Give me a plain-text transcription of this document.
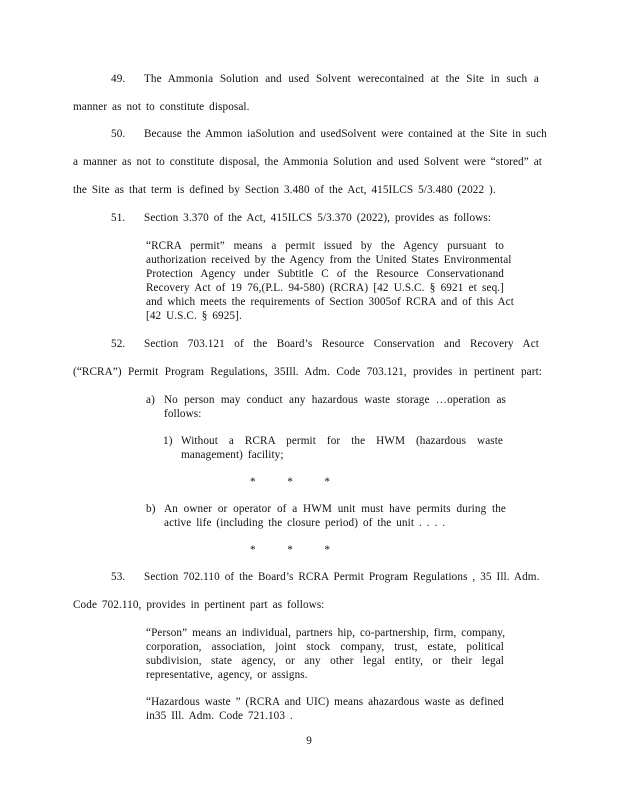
49. The Ammonia Solution and used Solvent werecontained at the Site in such a
manner as not to constitute disposal.
50. Because the Ammon iaSolution and usedSolvent were contained at the Site in such
a manner as not to constitute disposal, the Ammonia Solution and used Solvent were “stored” at
the Site as that term is defined by Section 3.480 of the Act, 415ILCS 5/3.480 (2022 ).
51. Section 3.370 of the Act, 415ILCS 5/3.370 (2022), provides as follows:
“RCRA permit” means a permit issued by the Agency pursuant to
authorization received by the Agency from the United States Environmental
Protection Agency under Subtitle C of the Resource Conservationand
Recovery Act of 19 76,(P.L. 94-580) (RCRA) [42 U.S.C. § 6921 et seq.]
and which meets the requirements of Section 3005of RCRA and of this Act
[42 U.S.C. § 6925].
52. Section 703.121 of the Board’s Resource Conservation and Recovery Act
(“RCRA”) Permit Program Regulations, 35Ill. Adm. Code 703.121, provides in pertinent part:
a) No person may conduct any hazardous waste storage …operation as
follows:
1) Without a RCRA permit for the HWM (hazardous waste
management) facility;
* * *
b) An owner or operator of a HWM unit must have permits during the
active life (including the closure period) of the unit . . . .
* * *
53. Section 702.110 of the Board’s RCRA Permit Program Regulations , 35 Ill. Adm.
Code 702.110, provides in pertinent part as follows:
“Person” means an individual, partners hip, co-partnership, firm, company,
corporation, association, joint stock company, trust, estate, political
subdivision, state agency, or any other legal entity, or their legal
representative, agency, or assigns.
“Hazardous waste ” (RCRA and UIC) means ahazardous waste as defined
in35 Ill. Adm. Code 721.103 .
9
